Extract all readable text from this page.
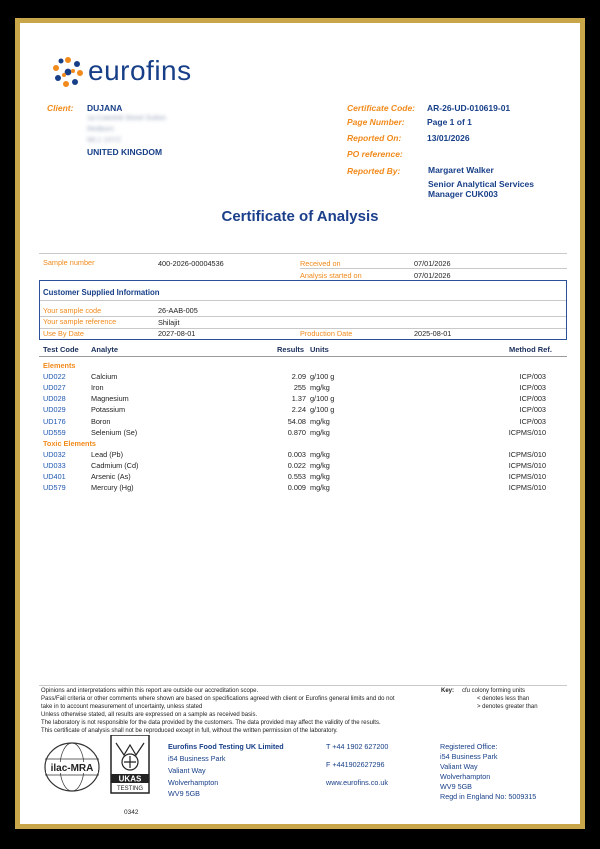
eurofins
Client: DUJANA
1a Coleshill Street Sutton
Redburn
WL1 1XYZ
UNITED KINGDOM
Certificate Code: AR-26-UD-010619-01
Page Number:	Page 1 of 1
Reported On:	13/01/2026
PO reference:
Reported By:	Margaret Walker
Senior Analytical Services
Manager CUK003
Certificate of Analysis
Sample number	400-2026-00004536	Received on	07/01/2026
Analysis started on	07/01/2026
Customer Supplied Information
Your sample code	26-AAB-005
Your sample reference	Shilajit
Use By Date	2027-08-01	Production Date	2025-08-01
Test Code Analyte	Results Units	Method Ref.
Elements
UD022	Calcium	2.09 g/100 g	ICP/003
UD027	Iron	255 mg/kg	ICP/003
UD028	Magnesium	1.37 g/100 g	ICP/003
UD029	Potassium	2.24 g/100 g	ICP/003
UD176	Boron	54.08 mg/kg	ICP/003
UD559	Selenium (Se)	0.870 mg/kg	ICPMS/010
Toxic Elements
UD032	Lead (Pb)	0.003 mg/kg	ICPMS/010
UD033	Cadmium (Cd)	0.022 mg/kg	ICPMS/010
UD401	Arsenic (As)	0.553 mg/kg	ICPMS/010
UD579	Mercury (Hg)	0.009 mg/kg	ICPMS/010
Opinions and interpretations within this report are outside our accreditation scope.
Pass/Fail criteria or other comments where shown are based on specifications agreed with client or Eurofins general limits and do not
take in to account measurement of uncertainty, unless stated
Unless otherwise stated, all results are expressed on a sample as received basis.
The laboratory is not responsible for the data provided by the customers. The data provided may affect the validity of the results.
This certificate of analysis shall not be reproduced except in full, without the written permission of the laboratory.
Key: cfu colony forming units
< denotes less than
> denotes greater than
ilac-MRA
UKAS
TESTING
0342
Eurofins Food Testing UK Limited
i54 Business Park
Valiant Way
Wolverhampton
WV9 5GB
T +44 1902 627200
F +441902627296
www.eurofins.co.uk
Registered Office:
i54 Business Park
Valiant Way
Wolverhampton
WV9 5GB
Regd in England No: 5009315
